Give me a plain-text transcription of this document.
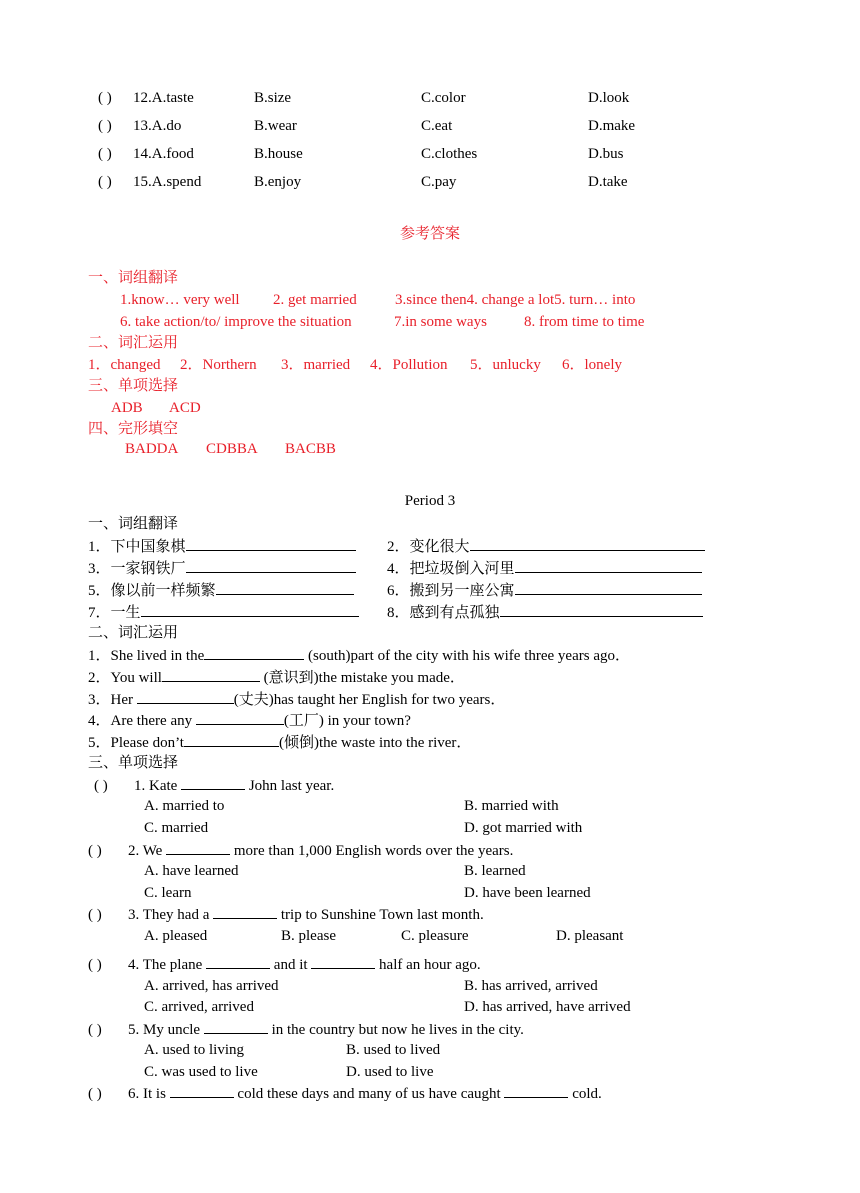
( ) 12.A.taste	B.size	C.color	D.look
( ) 13.A.do	B.wear	C.eat	D.make
( ) 14.A.food	B.house	C.clothes	D.bus
( ) 15.A.spend	B.enjoy	C.pay	D.take
参考答案
一、词组翻译
1.know… very well 2. get married	3.since then4. change a lot5. turn… into
6. take action/to/ improve the situation	7.in some ways 8. from time to time
二、词汇运用
1．changed 2．Northern 3．married 4．Pollution 5．unlucky 6．lonely
三、单项选择
ADB ACD
四、完形填空
BADDA CDBBA BACBB
Period 3
一、词组翻译
1．下中国象棋	2．变化很大
3．一家钢铁厂	4．把垃圾倒入河里
5．像以前一样频繁	6．搬到另一座公寓
7．一生	8．感到有点孤独
二、词汇运用
1．She lived in the	(south)part of the city with his wife three years ago．
2．You will	(意识到)the mistake you made．
3．Her	(丈夫)has taught her English for two years．
4．Are there any	(工厂) in your town?
5．Please don’t	(倾倒)the waste into the river．
三、单项选择
( ) 1. Kate	John last year.
A. married to	B. married with
C. married	D. got married with
( ) 2. We	more than 1,000 English words over the years.
A. have learned	B. learned
C. learn	D. have been learned
( ) 3. They had a	trip to Sunshine Town last month.
A. pleased	B. please	C. pleasure	D. pleasant
( ) 4. The plane	and it	half an hour ago.
A. arrived, has arrived	B. has arrived, arrived
C. arrived, arrived	D. has arrived, have arrived
( ) 5. My uncle	in the country but now he lives in the city.
A. used to living	B. used to lived
C. was used to live	D. used to live
( ) 6. It is	cold these days and many of us have caught	cold.
